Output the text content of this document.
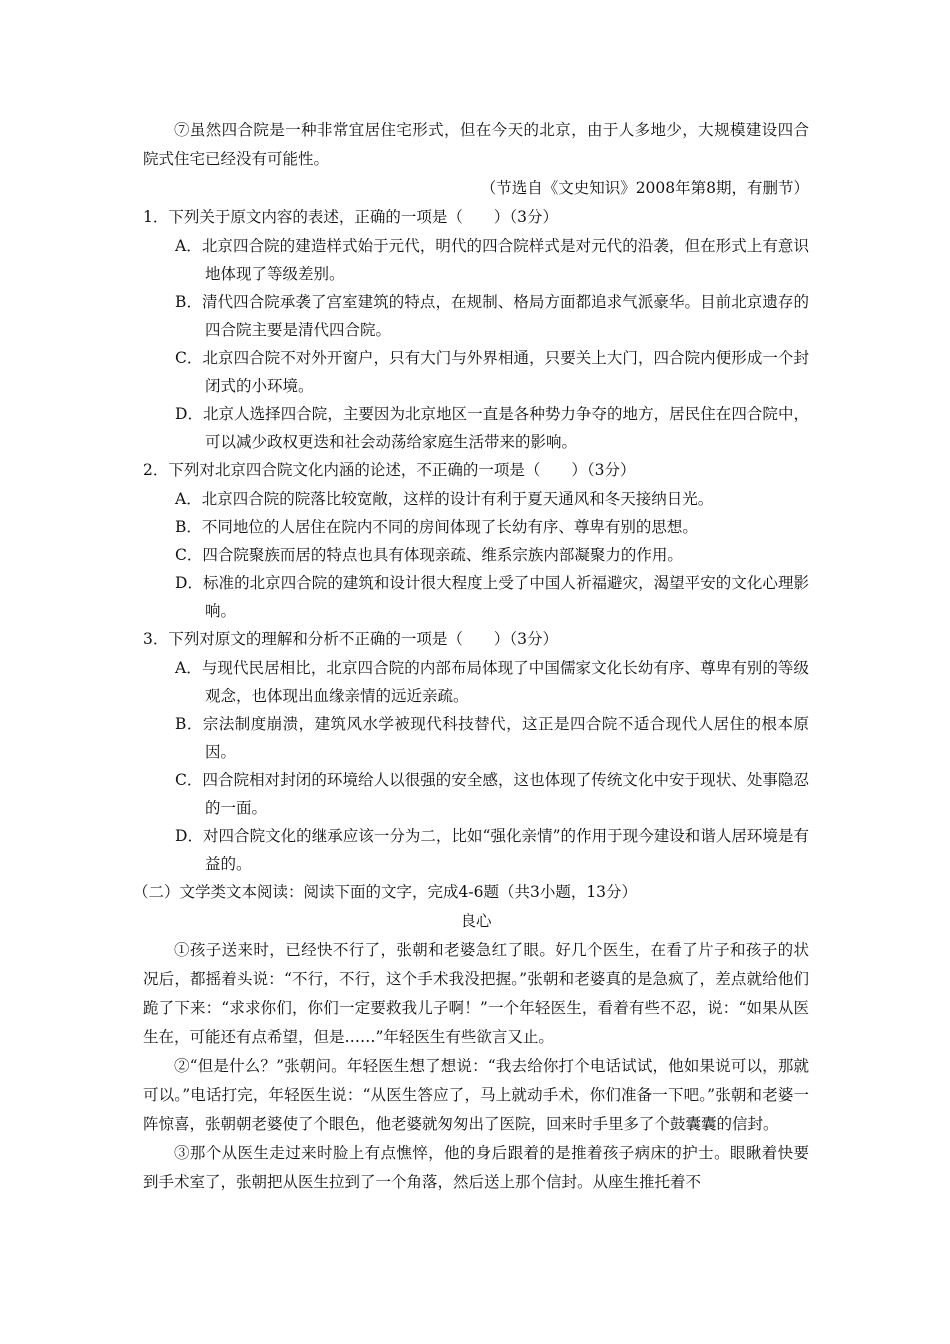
⑦虽然四合院是一种非常宜居住宅形式，但在今天的北京，由于人多地少，大规模建设四合院式住宅已经没有可能性。

（节选自《文史知识》2008年第8期，有删节）

1．下列关于原文内容的表述，正确的一项是（　　）（3分）

A．北京四合院的建造样式始于元代，明代的四合院样式是对元代的沿袭，但在形式上有意识地体现了等级差别。

B．清代四合院承袭了宫室建筑的特点，在规制、格局方面都追求气派豪华。目前北京遗存的四合院主要是清代四合院。

C．北京四合院不对外开窗户，只有大门与外界相通，只要关上大门，四合院内便形成一个封闭式的小环境。

D．北京人选择四合院，主要因为北京地区一直是各种势力争夺的地方，居民住在四合院中，可以减少政权更迭和社会动荡给家庭生活带来的影响。

2．下列对北京四合院文化内涵的论述，不正确的一项是（　　）（3分）

A．北京四合院的院落比较宽敞，这样的设计有利于夏天通风和冬天接纳日光。

B．不同地位的人居住在院内不同的房间体现了长幼有序、尊卑有别的思想。

C．四合院聚族而居的特点也具有体现亲疏、维系宗族内部凝聚力的作用。

D．标准的北京四合院的建筑和设计很大程度上受了中国人祈福避灾，渴望平安的文化心理影响。

3．下列对原文的理解和分析不正确的一项是（　　）（3分）

A．与现代民居相比，北京四合院的内部布局体现了中国儒家文化长幼有序、尊卑有别的等级观念，也体现出血缘亲情的远近亲疏。

B．宗法制度崩溃，建筑风水学被现代科技替代，这正是四合院不适合现代人居住的根本原因。

C．四合院相对封闭的环境给人以很强的安全感，这也体现了传统文化中安于现状、处事隐忍的一面。

D．对四合院文化的继承应该一分为二，比如“强化亲情”的作用于现今建设和谐人居环境是有益的。

（二）文学类文本阅读：阅读下面的文字，完成4-6题（共3小题，13分）

良心

①孩子送来时，已经快不行了，张朝和老婆急红了眼。好几个医生，在看了片子和孩子的状况后，都摇着头说：“不行，不行，这个手术我没把握。”张朝和老婆真的是急疯了，差点就给他们跪了下来：“求求你们，你们一定要救我儿子啊！”一个年轻医生，看着有些不忍，说：“如果从医生在，可能还有点希望，但是……”年轻医生有些欲言又止。

②“但是什么？”张朝问。年轻医生想了想说：“我去给你打个电话试试，他如果说可以，那就可以。”电话打完，年轻医生说：“从医生答应了，马上就动手术，你们准备一下吧。”张朝和老婆一阵惊喜，张朝朝老婆使了个眼色，他老婆就匆匆出了医院，回来时手里多了个鼓囊囊的信封。

③那个从医生走过来时脸上有点憔悴，他的身后跟着的是推着孩子病床的护士。眼瞅着快要到手术室了，张朝把从医生拉到了一个角落，然后送上那个信封。从座生推托着不
